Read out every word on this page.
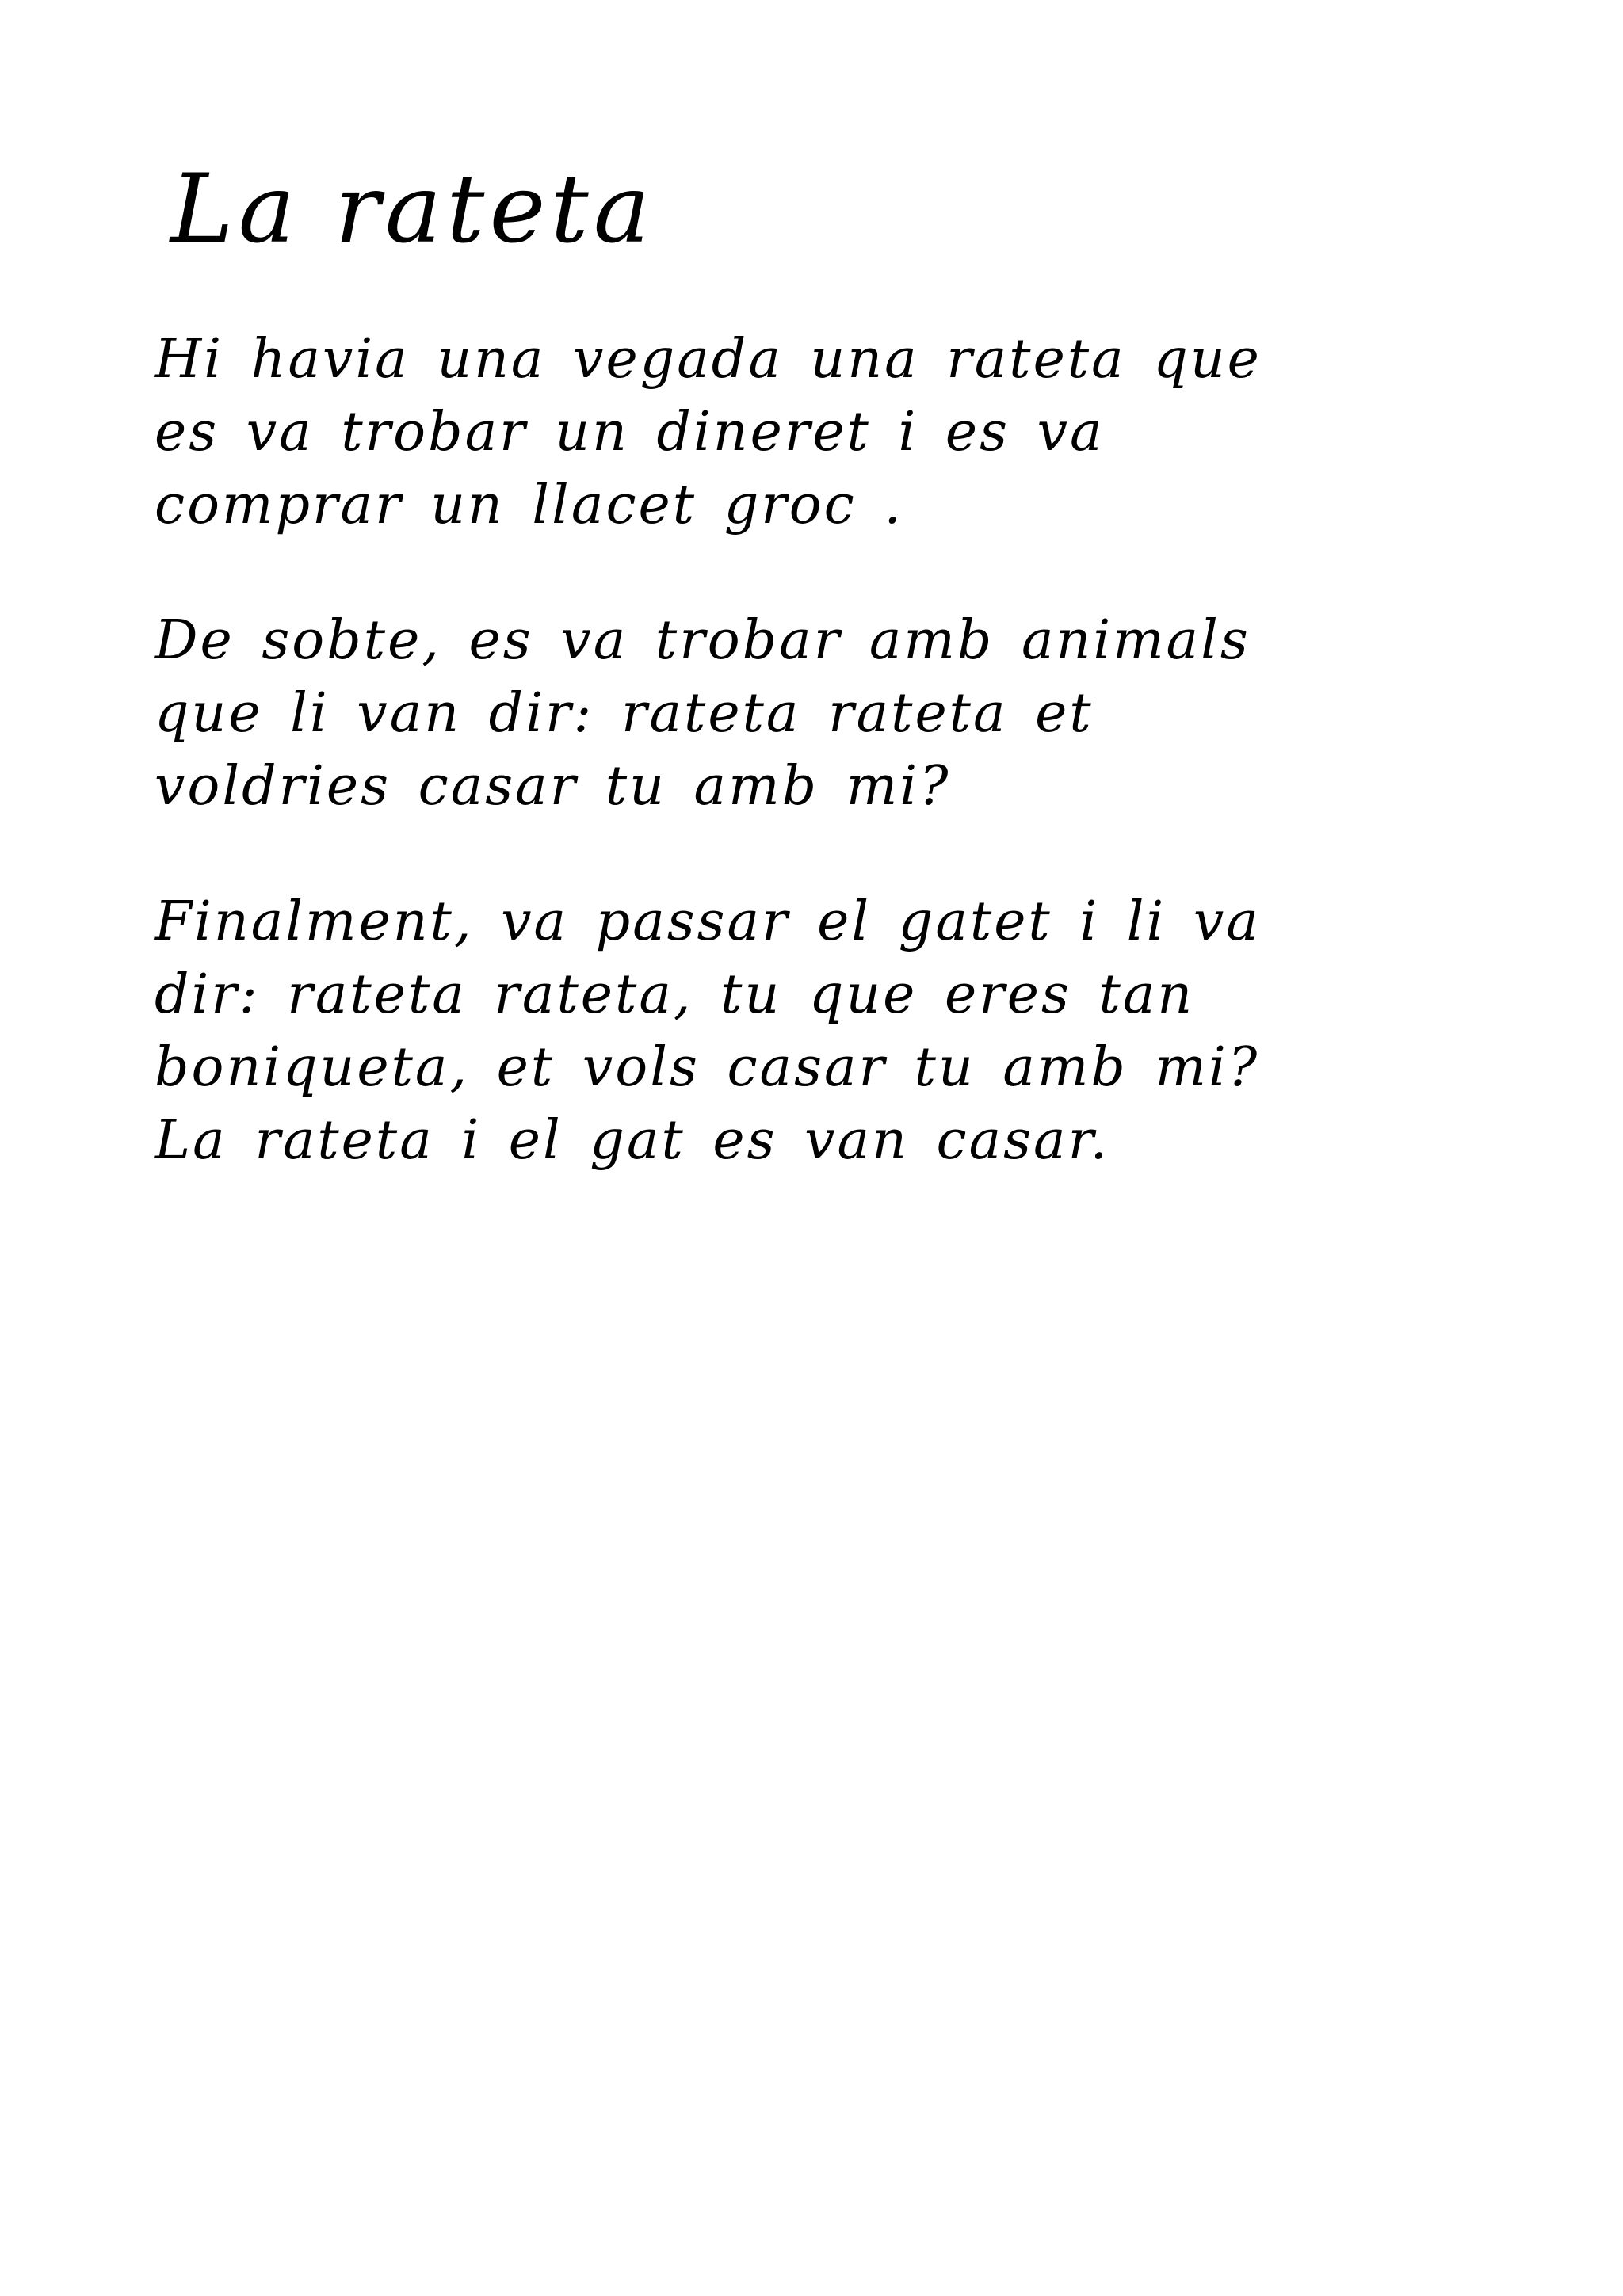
La rateta
Hi havia una vegada una rateta que
es va trobar un dineret i es va
comprar un llacet groc .
De sobte, es va trobar amb animals
que li van dir: rateta rateta et
voldries casar tu amb mi?
Finalment, va passar el gatet i li va
dir: rateta rateta, tu que eres tan
boniqueta, et vols casar tu amb mi?
La rateta i el gat es van casar.
